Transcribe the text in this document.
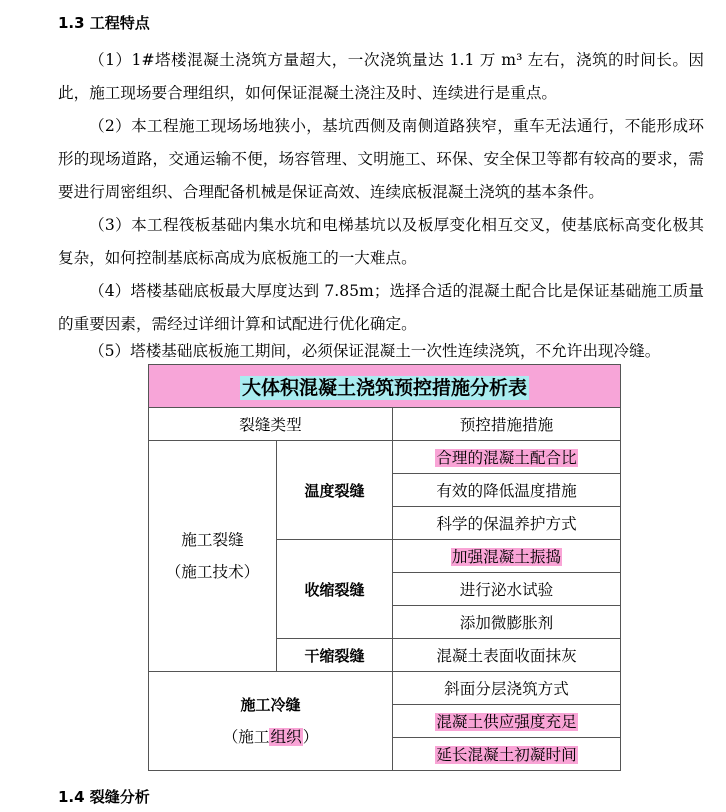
1.3 工程特点

（1）1#塔楼混凝土浇筑方量超大，一次浇筑量达 1.1 万 m³ 左右，浇筑的时间长。因此，施工现场要合理组织，如何保证混凝土浇注及时、连续进行是重点。

（2）本工程施工现场场地狭小，基坑西侧及南侧道路狭窄，重车无法通行，不能形成环形的现场道路，交通运输不便，场容管理、文明施工、环保、安全保卫等都有较高的要求，需要进行周密组织、合理配备机械是保证高效、连续底板混凝土浇筑的基本条件。

（3）本工程筏板基础内集水坑和电梯基坑以及板厚变化相互交叉，使基底标高变化极其复杂，如何控制基底标高成为底板施工的一大难点。

（4）塔楼基础底板最大厚度达到 7.85m；选择合适的混凝土配合比是保证基础施工质量的重要因素，需经过详细计算和试配进行优化确定。

（5）塔楼基础底板施工期间，必须保证混凝土一次性连续浇筑，不允许出现冷缝。

大体积混凝土浇筑预控措施分析表		
裂缝类型		预控措施措施

施工裂缝
（施工技术）	温度裂缝	合理的混凝土配合比
		有效的降低温度措施
		科学的保温养护方式
	收缩裂缝	加强混凝土振捣
		进行泌水试验
		添加微膨胀剂
	干缩裂缝	混凝土表面收面抹灰

施工冷缝
（施工组织）		斜面分层浇筑方式
		混凝土供应强度充足
		延长混凝土初凝时间
1.4 裂缝分析
